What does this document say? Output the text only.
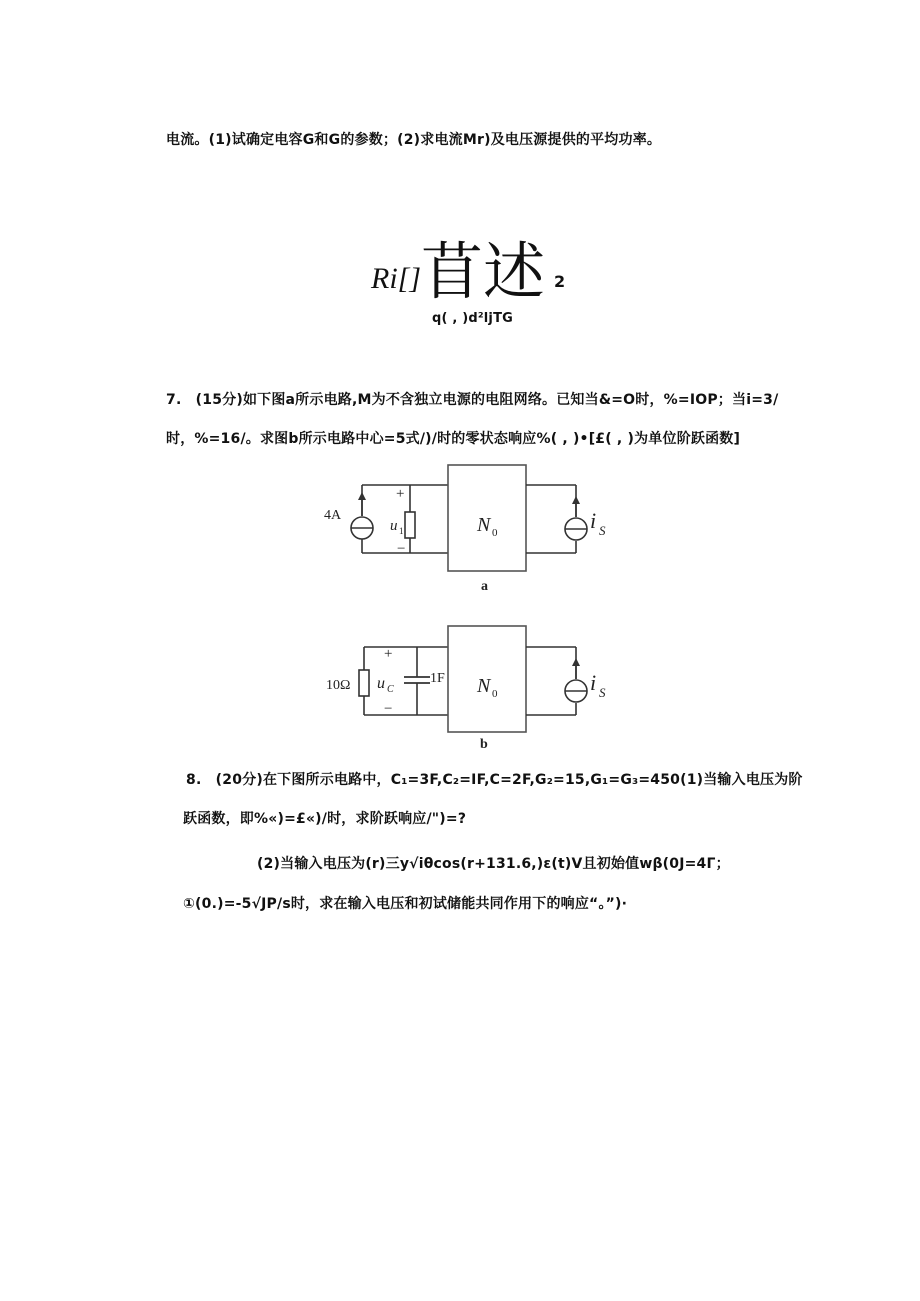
电流。(1)试确定电容G和G的参数；(2)求电流Mr)及电压源提供的平均功率。
Ri[] 苜述 2
q( , )d²ljTG
7.　(15分)如下图a所示电路,M为不含独立电源的电阻网络。已知当&=O时，%=IOP；当i=3/
时，%=16/。求图b所示电路中心=5式/)/时的零状态响应%( , )•[£( , )为单位阶跃函数]
4A
+
−
u 1	N 0	i S
a
10Ω
+
−
u C
1F N 0	i S
b
8.　(20分)在下图所示电路中，C₁=3F,C₂=IF,C=2F,G₂=15,G₁=G₃=450(1)当输入电压为阶
跃函数，即%«)=£«)/时，求阶跃响应/")=?
(2)当输入电压为(r)三y√iθcos(r+131.6,)ε(t)V且初始值wβ(0J=4Γ；
①(0.)=-5√JP/s时，求在输入电压和初试储能共同作用下的响应“。”)·
